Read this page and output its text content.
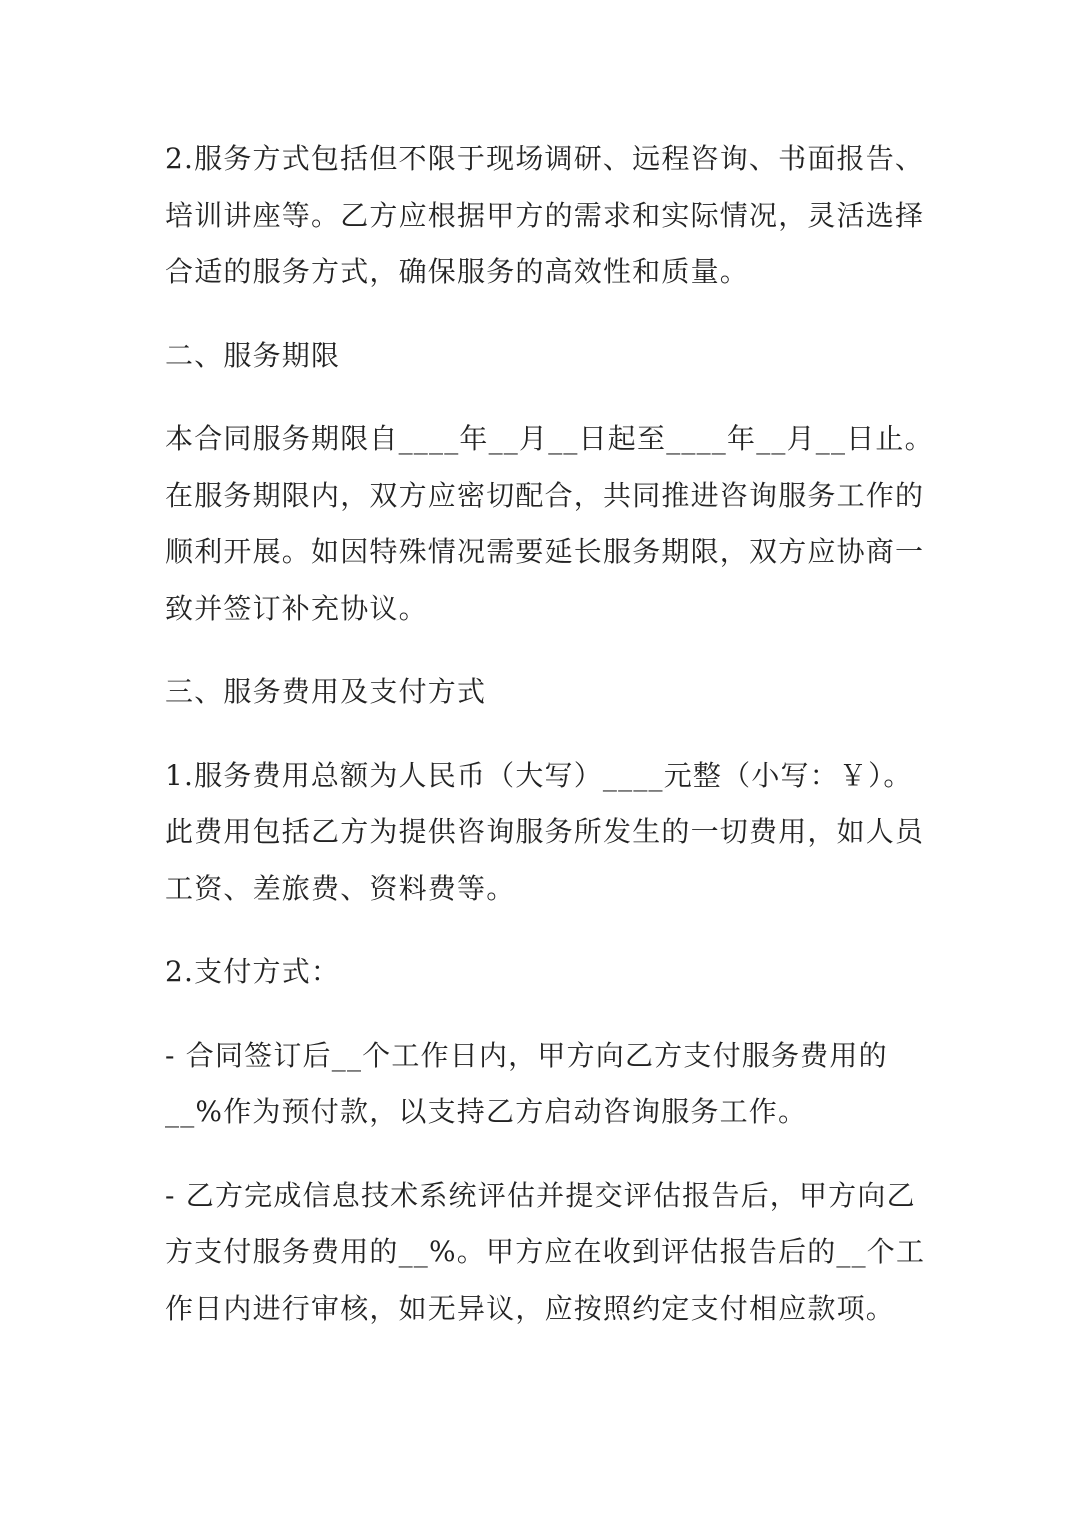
2.服务方式包括但不限于现场调研、远程咨询、书面报告、
培训讲座等。乙方应根据甲方的需求和实际情况，灵活选择
合适的服务方式，确保服务的高效性和质量。
二、服务期限
本合同服务期限自____年__月__日起至____年__月__日止。
在服务期限内，双方应密切配合，共同推进咨询服务工作的
顺利开展。如因特殊情况需要延长服务期限，双方应协商一
致并签订补充协议。
三、服务费用及支付方式
1.服务费用总额为人民币（大写）____元整（小写：￥）。
此费用包括乙方为提供咨询服务所发生的一切费用，如人员
工资、差旅费、资料费等。
2.支付方式：
- 合同签订后__个工作日内，甲方向乙方支付服务费用的
__%作为预付款，以支持乙方启动咨询服务工作。
- 乙方完成信息技术系统评估并提交评估报告后，甲方向乙
方支付服务费用的__%。甲方应在收到评估报告后的__个工
作日内进行审核，如无异议，应按照约定支付相应款项。
